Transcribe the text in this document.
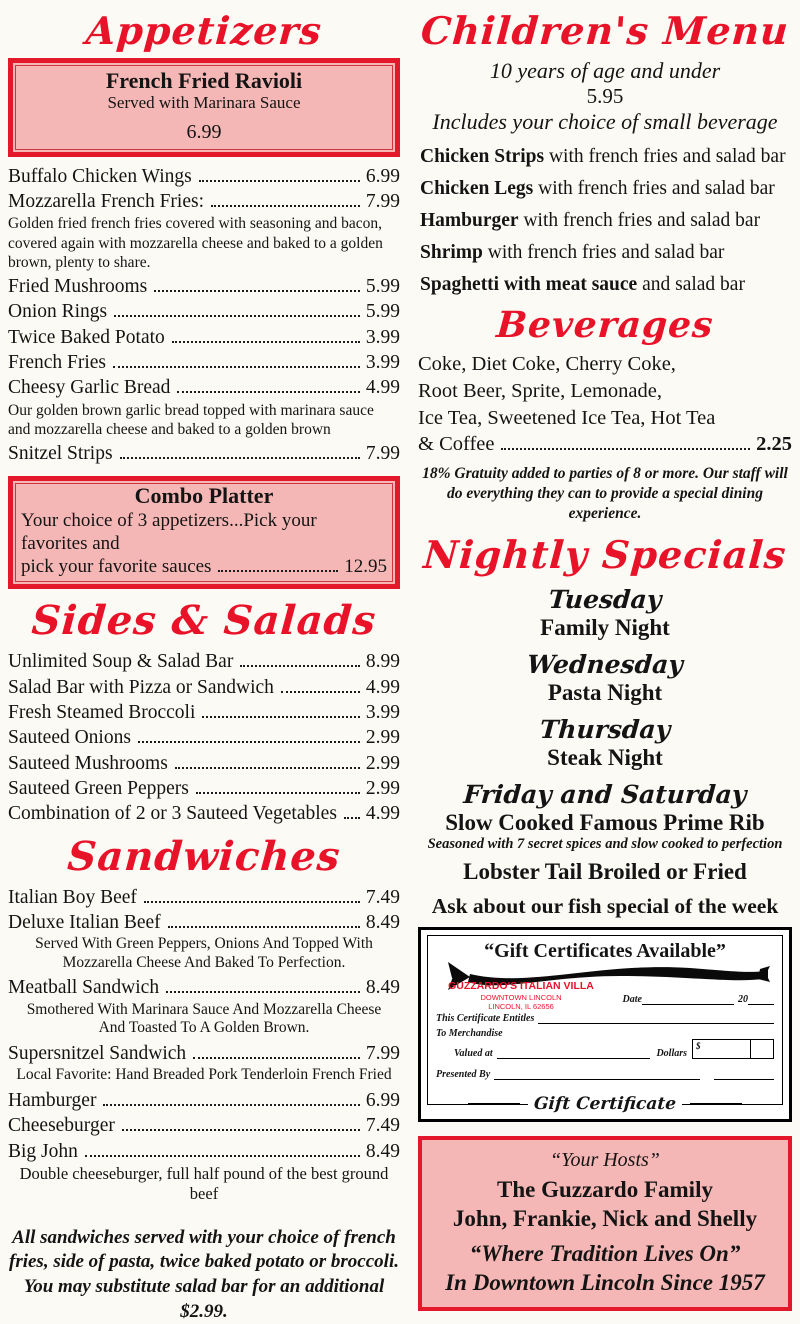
Appetizers
French Fried Ravioli
Served with Marinara Sauce
6.99
Buffalo Chicken Wings	6.99
Mozzarella French Fries:	7.99
Golden fried french fries covered with seasoning and bacon, covered again with mozzarella cheese and baked to a golden brown, plenty to share.
Fried Mushrooms	5.99
Onion Rings	5.99
Twice Baked Potato	3.99
French Fries	3.99
Cheesy Garlic Bread	4.99
Our golden brown garlic bread topped with marinara sauce and mozzarella cheese and baked to a golden brown
Snitzel Strips	7.99
Combo Platter
Your choice of 3 appetizers...Pick your favorites and
pick your favorite sauces	12.95
Sides & Salads
Unlimited Soup & Salad Bar	8.99
Salad Bar with Pizza or Sandwich	4.99
Fresh Steamed Broccoli	3.99
Sauteed Onions	2.99
Sauteed Mushrooms	2.99
Sauteed Green Peppers	2.99
Combination of 2 or 3 Sauteed Vegetables 4.99
Sandwiches
Italian Boy Beef	7.49
Deluxe Italian Beef	8.49
Served With Green Peppers, Onions And Topped With Mozzarella Cheese And Baked To Perfection.
Meatball Sandwich	8.49
Smothered With Marinara Sauce And Mozzarella Cheese And Toasted To A Golden Brown.
Supersnitzel Sandwich	7.99
Local Favorite: Hand Breaded Pork Tenderloin French Fried
Hamburger	6.99
Cheeseburger	7.49
Big John	8.49
Double cheeseburger, full half pound of the best ground beef
All sandwiches served with your choice of french fries, side of pasta, twice baked potato or broccoli. You may substitute salad bar for an additional $2.99.
Children's Menu
10 years of age and under
5.95
Includes your choice of small beverage
Chicken Strips with french fries and salad bar
Chicken Legs with french fries and salad bar
Hamburger with french fries and salad bar
Shrimp with french fries and salad bar
Spaghetti with meat sauce and salad bar
Beverages
Coke, Diet Coke, Cherry Coke,
Root Beer, Sprite, Lemonade,
Ice Tea, Sweetened Ice Tea, Hot Tea
& Coffee	2.25
18% Gratuity added to parties of 8 or more. Our staff will do everything they can to provide a special dining experience.
Nightly Specials
Tuesday
Family Night
Wednesday
Pasta Night
Thursday
Steak Night
Friday and Saturday
Slow Cooked Famous Prime Rib
Seasoned with 7 secret spices and slow cooked to perfection
Lobster Tail Broiled or Fried
Ask about our fish special of the week
“Gift Certificates Available”
GUZZARDO'S ITALIAN VILLA
DOWNTOWN LINCOLN
LINCOLN, IL 62656
Date	20
This Certificate Entitles
To Merchandise
Valued at	Dollars
$
Presented By
Gift Certificate
“Your Hosts”
The Guzzardo Family
John, Frankie, Nick and Shelly
“Where Tradition Lives On”
In Downtown Lincoln Since 1957
